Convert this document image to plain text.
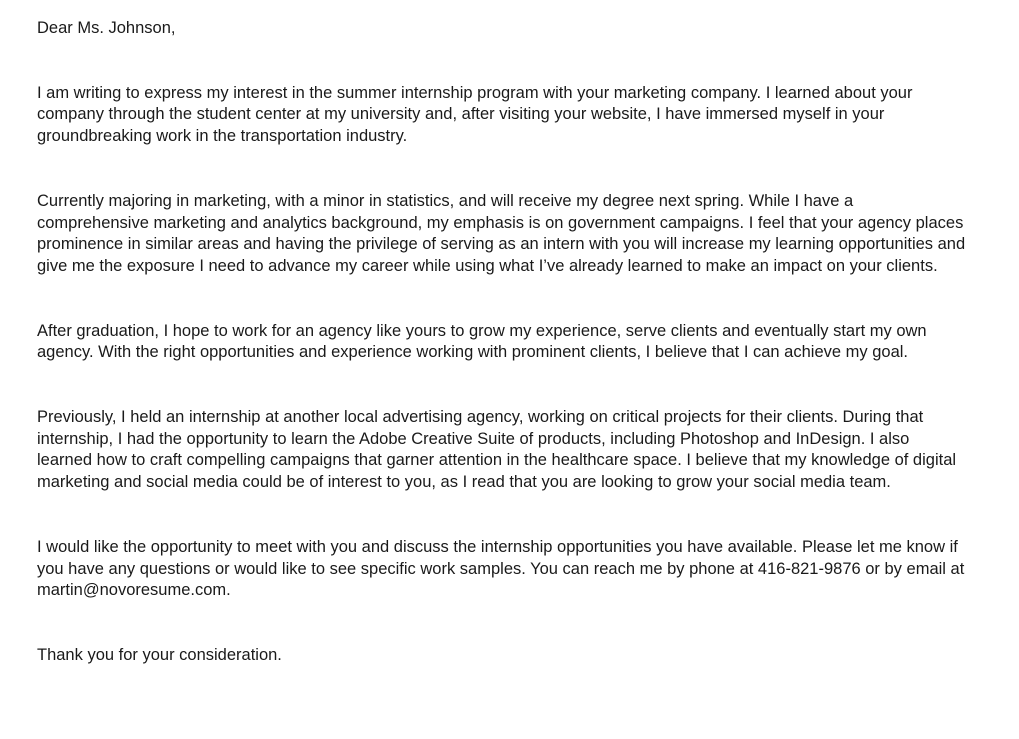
Dear Ms. Johnson,

I am writing to express my interest in the summer internship program with your marketing company. I learned about your company through the student center at my university and, after visiting your website, I have immersed myself in your groundbreaking work in the transportation industry.

Currently majoring in marketing, with a minor in statistics, and will receive my degree next spring. While I have a comprehensive marketing and analytics background, my emphasis is on government campaigns. I feel that your agency places prominence in similar areas and having the privilege of serving as an intern with you will increase my learning opportunities and give me the exposure I need to advance my career while using what I’ve already learned to make an impact on your clients.

After graduation, I hope to work for an agency like yours to grow my experience, serve clients and eventually start my own agency. With the right opportunities and experience working with prominent clients, I believe that I can achieve my goal.

Previously, I held an internship at another local advertising agency, working on critical projects for their clients. During that internship, I had the opportunity to learn the Adobe Creative Suite of products, including Photoshop and InDesign. I also learned how to craft compelling campaigns that garner attention in the healthcare space. I believe that my knowledge of digital marketing and social media could be of interest to you, as I read that you are looking to grow your social media team.

I would like the opportunity to meet with you and discuss the internship opportunities you have available. Please let me know if you have any questions or would like to see specific work samples. You can reach me by phone at 416-821-9876 or by email at martin@novoresume.com.

Thank you for your consideration.
